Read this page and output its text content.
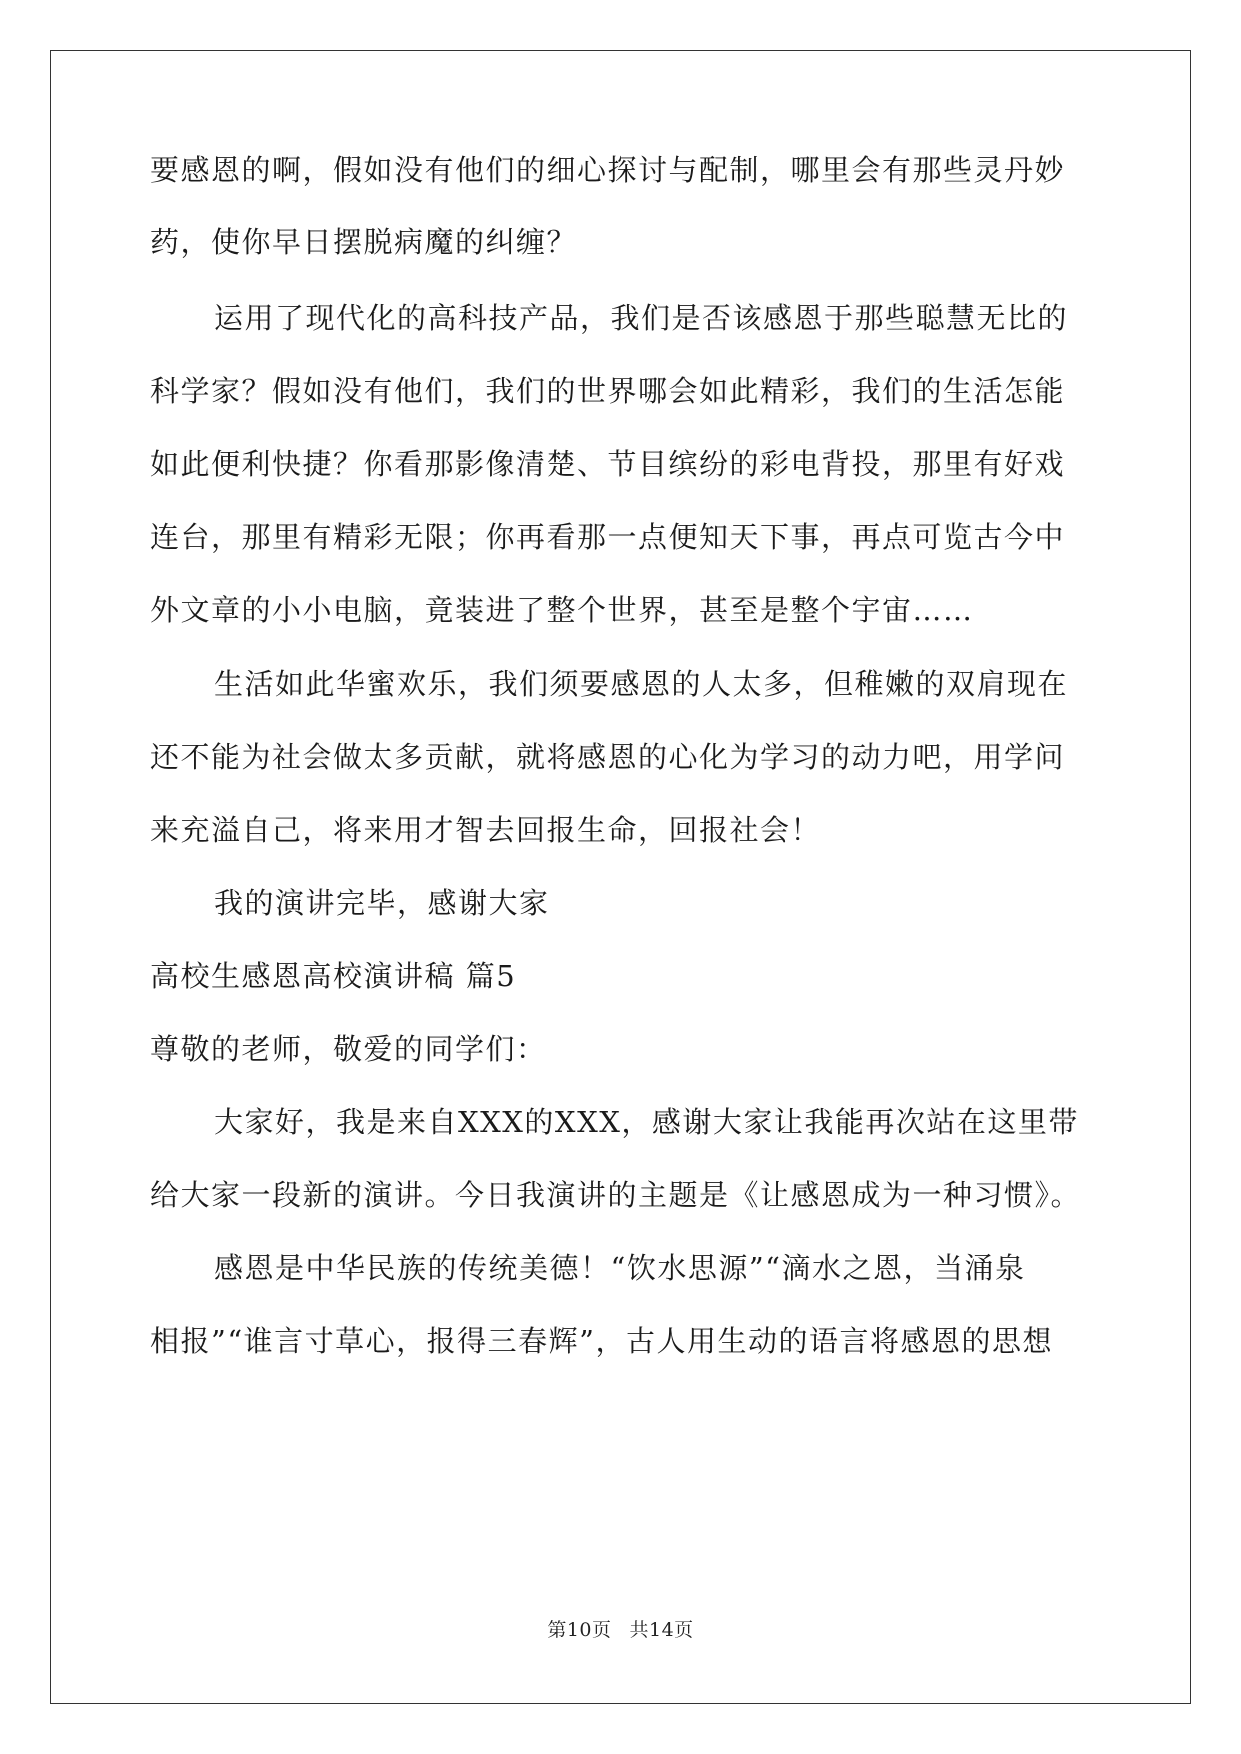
要感恩的啊，假如没有他们的细心探讨与配制，哪里会有那些灵丹妙
药，使你早日摆脱病魔的纠缠？
运用了现代化的高科技产品，我们是否该感恩于那些聪慧无比的
科学家？假如没有他们，我们的世界哪会如此精彩，我们的生活怎能
如此便利快捷？你看那影像清楚、节目缤纷的彩电背投，那里有好戏
连台，那里有精彩无限；你再看那一点便知天下事，再点可览古今中
外文章的小小电脑，竟装进了整个世界，甚至是整个宇宙……
生活如此华蜜欢乐，我们须要感恩的人太多，但稚嫩的双肩现在
还不能为社会做太多贡献，就将感恩的心化为学习的动力吧，用学问
来充溢自己，将来用才智去回报生命，回报社会！
我的演讲完毕，感谢大家
高校生感恩高校演讲稿 篇5
尊敬的老师，敬爱的同学们：
大家好，我是来自XXX的XXX，感谢大家让我能再次站在这里带
给大家一段新的演讲。今日我演讲的主题是《让感恩成为一种习惯》。
感恩是中华民族的传统美德！“饮水思源”“滴水之恩，当涌泉
相报”“谁言寸草心，报得三春辉”，古人用生动的语言将感恩的思想
第10页 共14页
